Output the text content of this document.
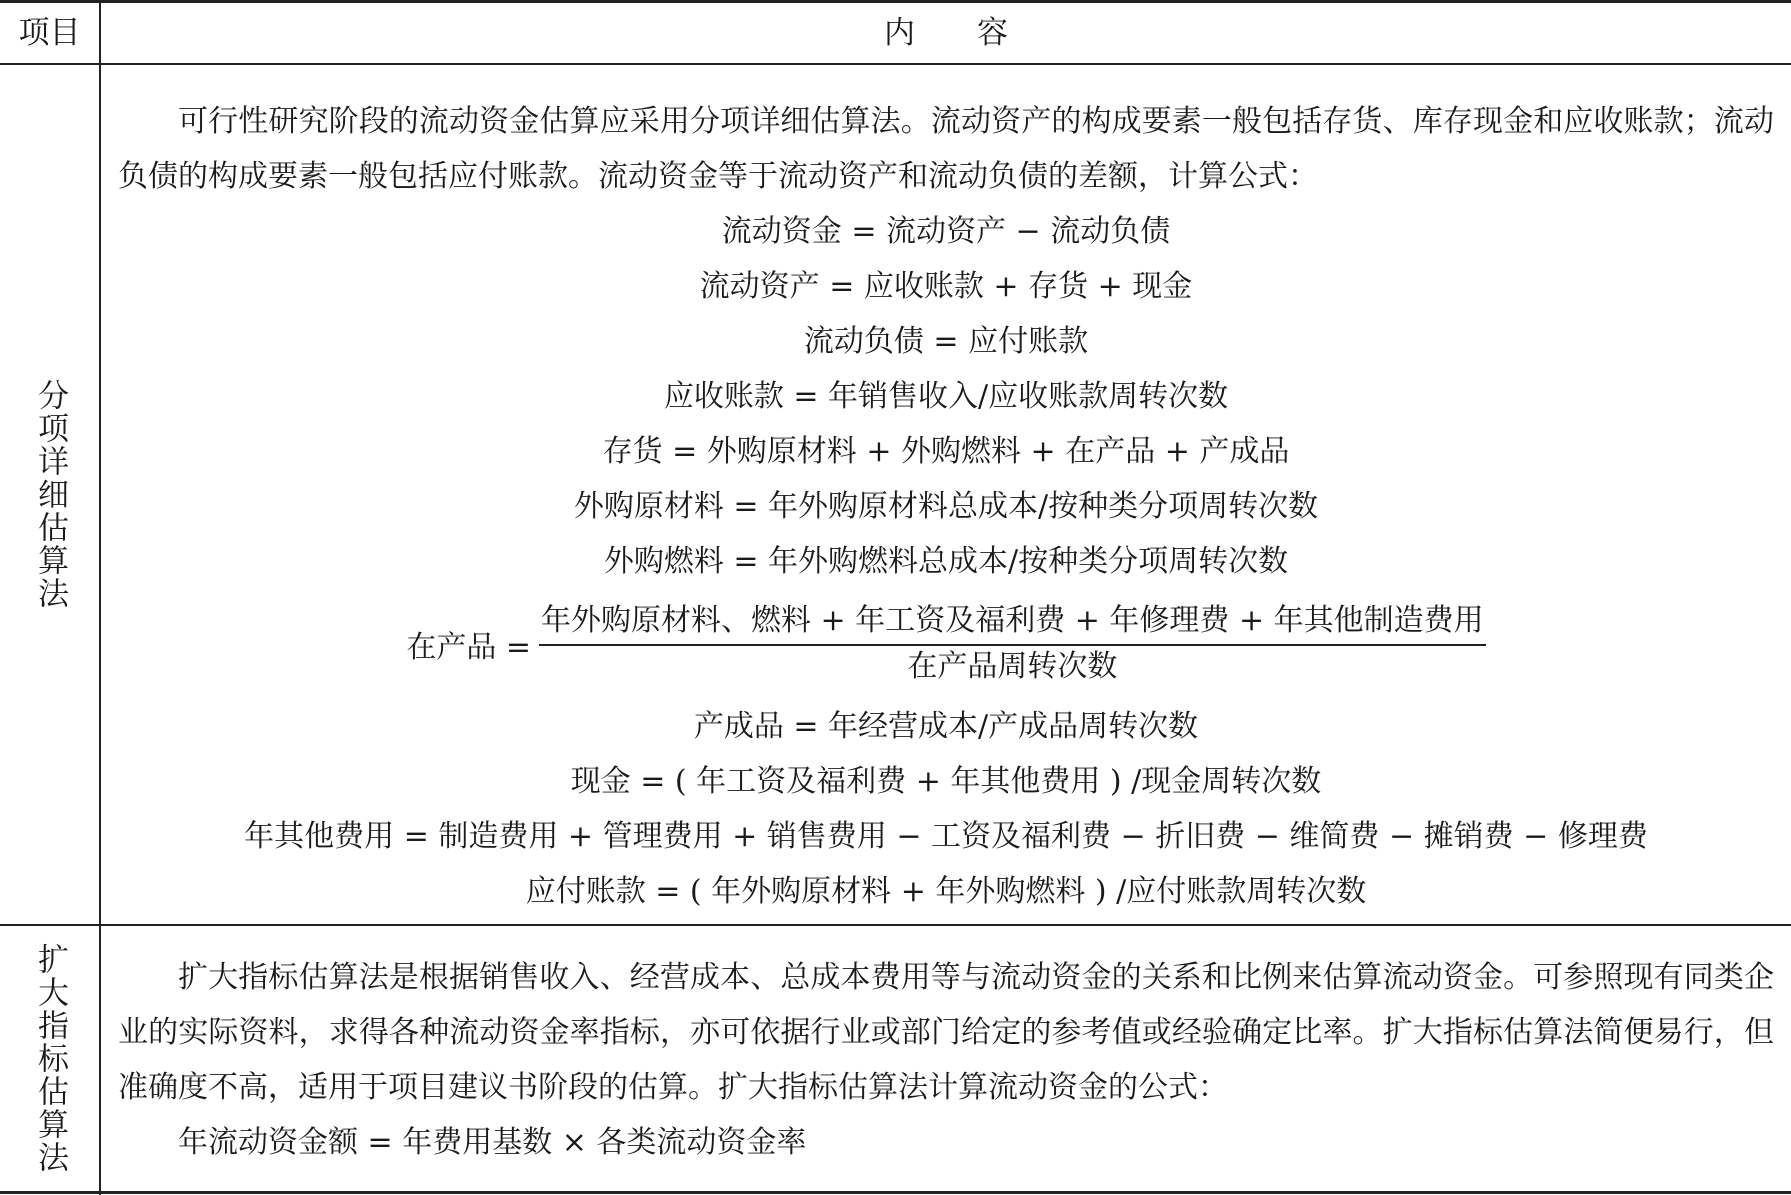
项目	内　　容
分项详细估算法
可行性研究阶段的流动资金估算应采用分项详细估算法。流动资产的构成要素一般包括存货、库存现金和应收账款；流动负债的构成要素一般包括应付账款。流动资金等于流动资产和流动负债的差额，计算公式：
流动资金 = 流动资产 − 流动负债
流动资产 = 应收账款 + 存货 + 现金
流动负债 = 应付账款
应收账款 = 年销售收入/应收账款周转次数
存货 = 外购原材料 + 外购燃料 + 在产品 + 产成品
外购原材料 = 年外购原材料总成本/按种类分项周转次数
外购燃料 = 年外购燃料总成本/按种类分项周转次数
在产品 = $\frac{\text{年外购原材料、燃料 + 年工资及福利费 + 年修理费 + 年其他制造费用}}{\text{在产品周转次数}}$
产成品 = 年经营成本/产成品周转次数
现金 = ( 年工资及福利费 + 年其他费用 ) /现金周转次数
年其他费用 = 制造费用 + 管理费用 + 销售费用 − 工资及福利费 − 折旧费 − 维简费 − 摊销费 − 修理费
应付账款 = ( 年外购原材料 + 年外购燃料 ) /应付账款周转次数
扩大指标估算法	扩大指标估算法是根据销售收入、经营成本、总成本费用等与流动资金的关系和比例来估算流动资金。可参照现有同类企业的实际资料，求得各种流动资金率指标，亦可依据行业或部门给定的参考值或经验确定比率。扩大指标估算法简便易行，但准确度不高，适用于项目建议书阶段的估算。扩大指标估算法计算流动资金的公式：
年流动资金额 = 年费用基数 × 各类流动资金率
